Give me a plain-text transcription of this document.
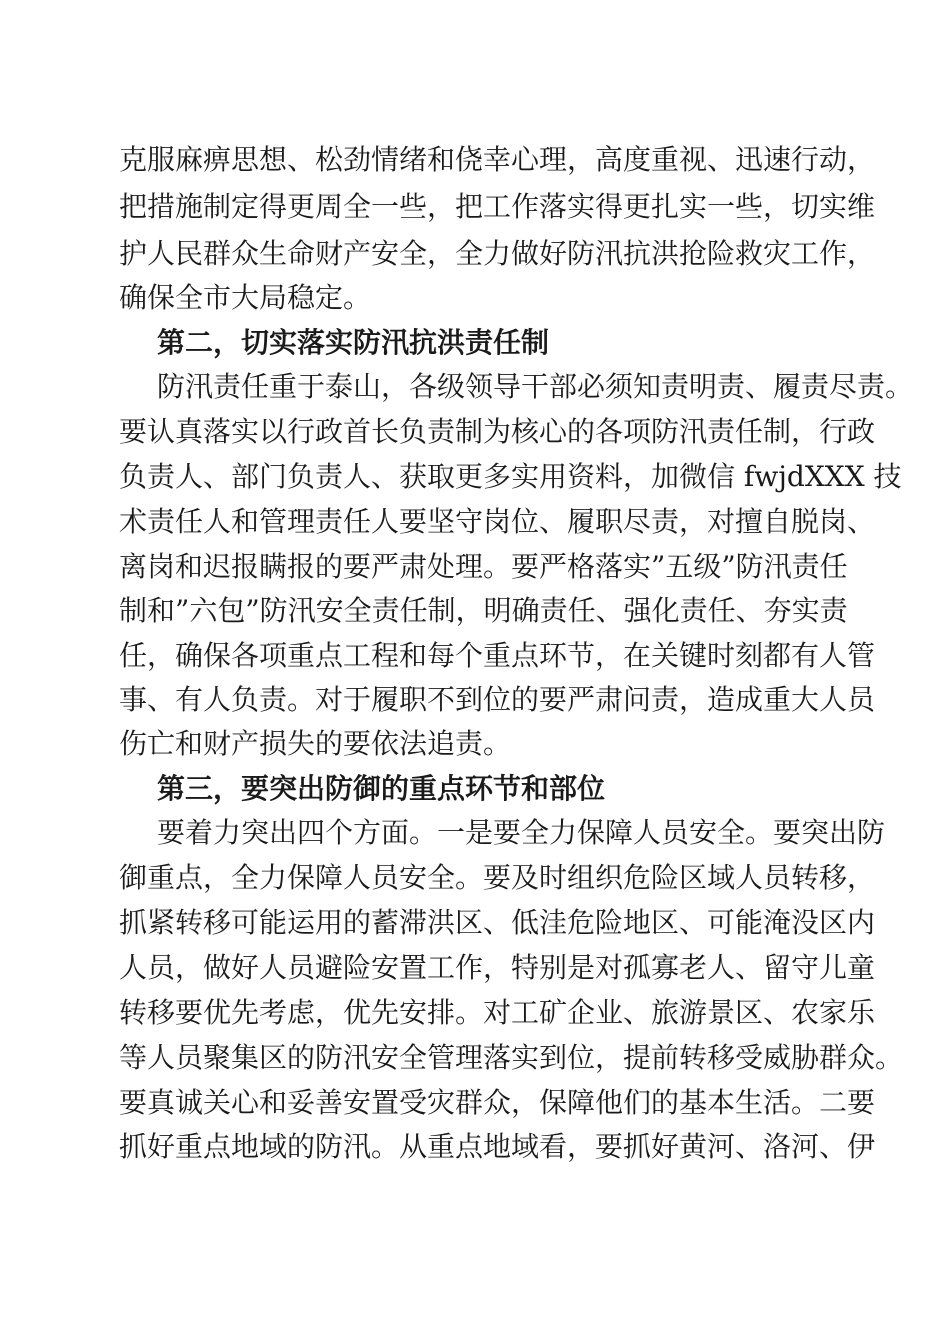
克服麻痹思想、松劲情绪和侥幸心理，高度重视、迅速行动，
把措施制定得更周全一些，把工作落实得更扎实一些，切实维
护人民群众生命财产安全，全力做好防汛抗洪抢险救灾工作，
确保全市大局稳定。
第二，切实落实防汛抗洪责任制
防汛责任重于泰山，各级领导干部必须知责明责、履责尽责。
要认真落实以行政首长负责制为核心的各项防汛责任制，行政
负责人、部门负责人、获取更多实用资料，加微信 fwjdXXX 技
术责任人和管理责任人要坚守岗位、履职尽责，对擅自脱岗、
离岗和迟报瞒报的要严肃处理。要严格落实”五级”防汛责任
制和”六包”防汛安全责任制，明确责任、强化责任、夯实责
任，确保各项重点工程和每个重点环节，在关键时刻都有人管
事、有人负责。对于履职不到位的要严肃问责，造成重大人员
伤亡和财产损失的要依法追责。
第三，要突出防御的重点环节和部位
要着力突出四个方面。一是要全力保障人员安全。要突出防
御重点，全力保障人员安全。要及时组织危险区域人员转移，
抓紧转移可能运用的蓄滞洪区、低洼危险地区、可能淹没区内
人员，做好人员避险安置工作，特别是对孤寡老人、留守儿童
转移要优先考虑，优先安排。对工矿企业、旅游景区、农家乐
等人员聚集区的防汛安全管理落实到位，提前转移受威胁群众。
要真诚关心和妥善安置受灾群众，保障他们的基本生活。二要
抓好重点地域的防汛。从重点地域看，要抓好黄河、洛河、伊
